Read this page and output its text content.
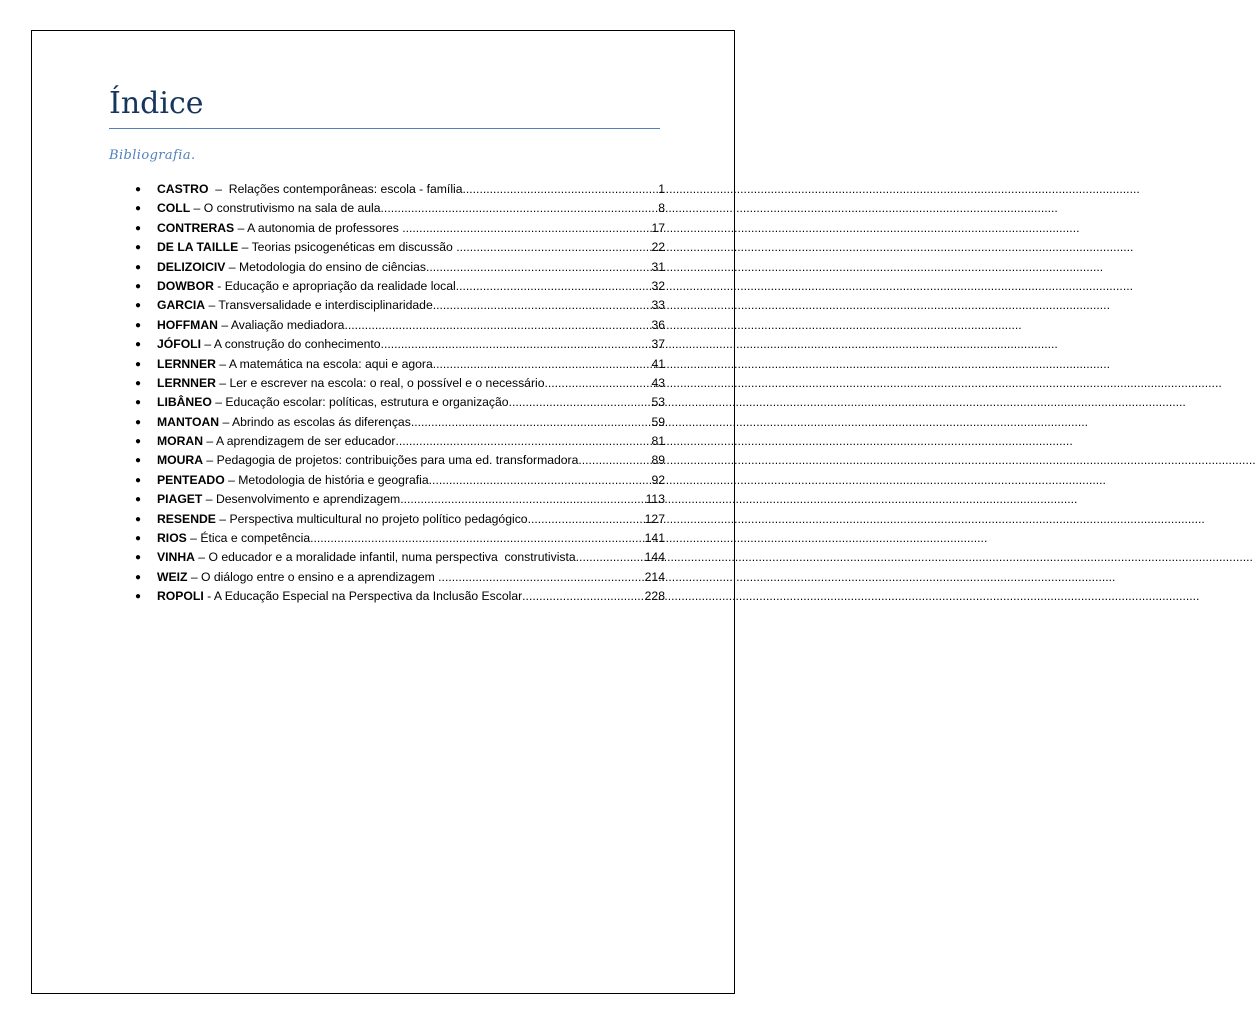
Índice
Bibliografia.
● CASTRO  –  Relações contemporâneas: escola - família .....	1
● COLL – O construtivismo na sala de aula .....	8
● CONTRERAS – A autonomia de professores .....	17
● DE LA TAILLE – Teorias psicogenéticas em discussão .....	22
● DELIZOICIV – Metodologia do ensino de ciências .....	31
● DOWBOR - Educação e apropriação da realidade local .....	32
● GARCIA – Transversalidade e interdisciplinaridade .....	33
● HOFFMAN – Avaliação mediadora .....	36
● JÓFOLI – A construção do conhecimento .....	37
● LERNNER – A matemática na escola: aqui e agora .....	41
● LERNNER – Ler e escrever na escola: o real, o possível e o necessário .....	43
● LIBÂNEO – Educação escolar: políticas, estrutura e organização .....	53
● MANTOAN – Abrindo as escolas ás diferenças .....	59
● MORAN – A aprendizagem de ser educador .....	81
● MOURA – Pedagogia de projetos: contribuições para uma ed. transformadora .....	89
● PENTEADO – Metodologia de história e geografia .....	92
● PIAGET – Desenvolvimento e aprendizagem .....	113
● RESENDE – Perspectiva multicultural no projeto político pedagógico .....	127
● RIOS – Ética e competência .....	141
● VINHA – O educador e a moralidade infantil, numa perspectiva  construtivista .....	144
● WEIZ – O diálogo entre o ensino e a aprendizagem .....	214
● ROPOLI - A Educação Especial na Perspectiva da Inclusão Escolar .....	228
